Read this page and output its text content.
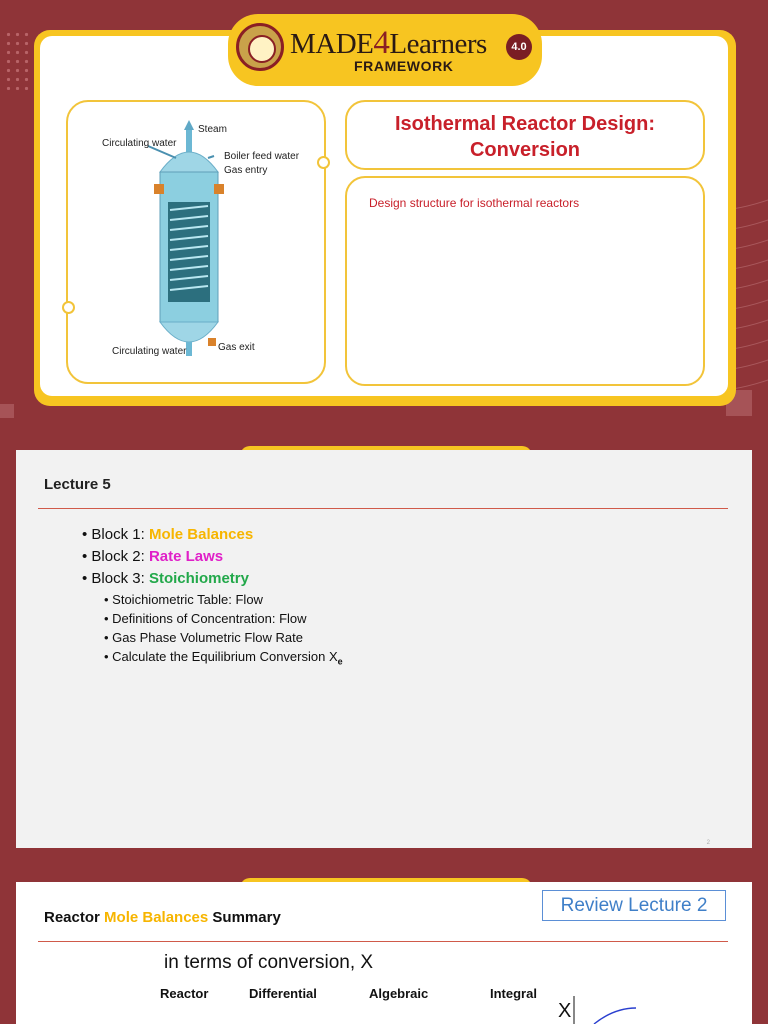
MADE4Learners	4.0
FRAMEWORK
Steam
Circulating water
Boiler feed water
Gas entry
Circulating water	Gas exit
Isothermal Reactor Design:
Conversion
Design structure for isothermal reactors
Lecture 5
• Block 1: Mole Balances
• Block 2: Rate Laws
• Block 3: Stoichiometry
• Stoichiometric Table: Flow
• Definitions of Concentration: Flow
• Gas Phase Volumetric Flow Rate
• Calculate the Equilibrium Conversion $X_e$
2
Reactor Mole Balances Summary
Review Lecture 2
in terms of conversion, X
Reactor	Differential	Algebraic	Integral
X
